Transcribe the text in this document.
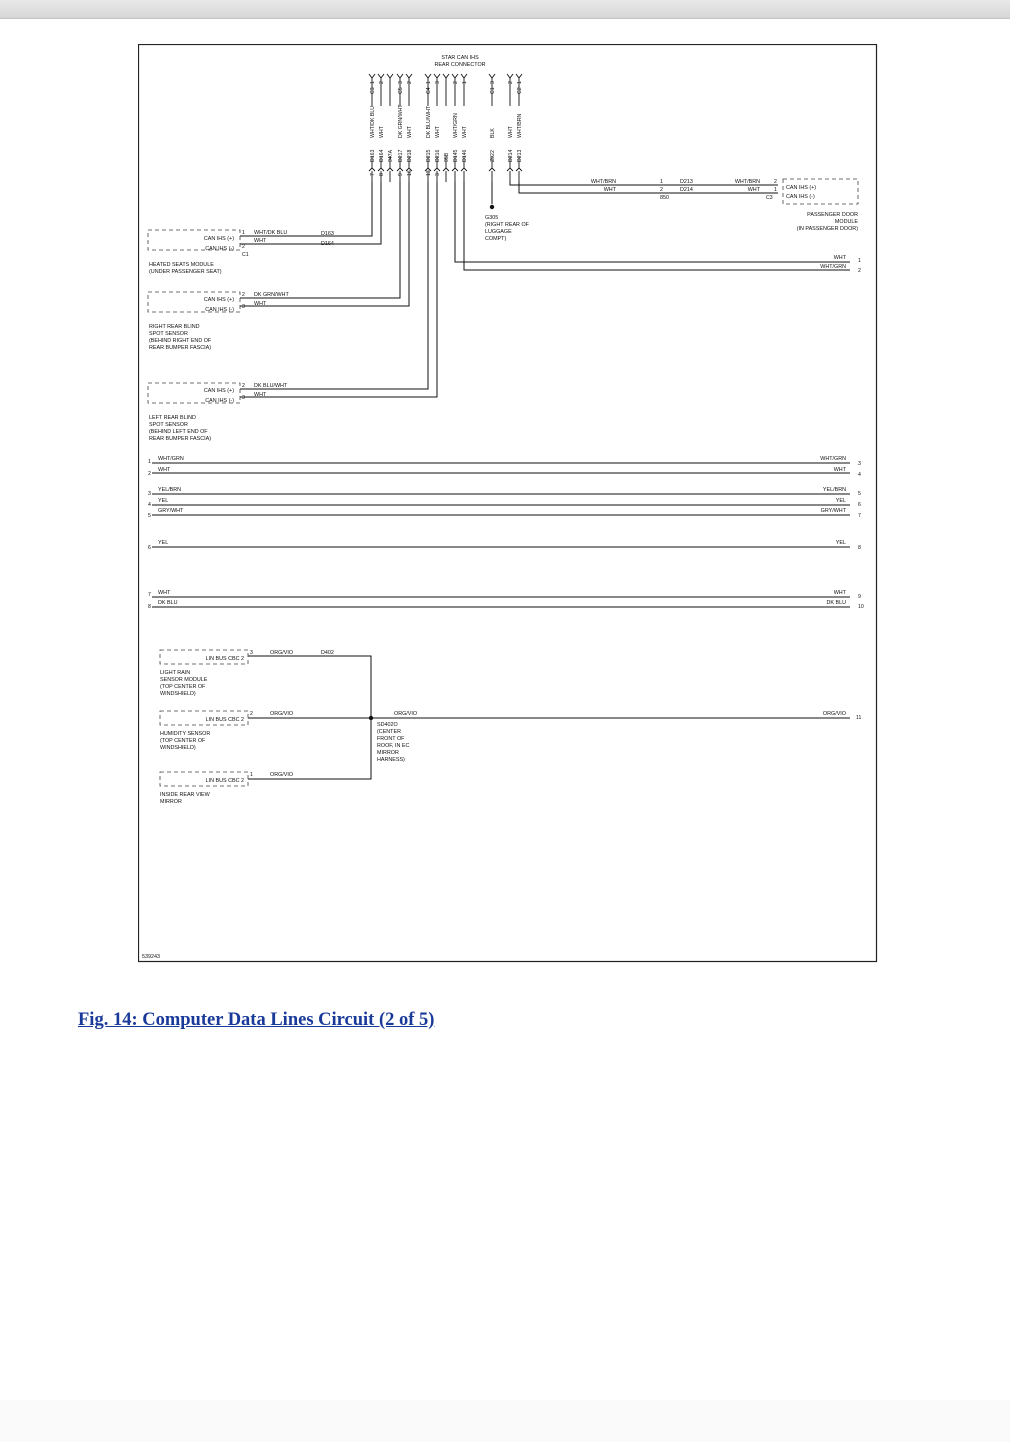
STAR CAN IHS
REAR CONNECTOR
1
C3
WHT/DK BLU
D163
7
2
WHT
D164
8
947A
3
C5
DK GRN/WHT
D217
9
2
WHT
D218
16
1
C4
DK BLU/WHT
D215
13
3
WHT
D216
3
95B
2
WHT/GRN
D145
1
WHT
D146
3
C1
BLK
Z922
2
WHT
D214
1
C2
WHT/BRN
D213
CAN IHS (+)
CAN IHS (-)
1
2
C1
WHT/DK BLU
WHT
D163
D164
HEATED SEATS MODULE
(UNDER PASSENGER SEAT)
CAN IHS (+)
CAN IHS (-)
2
3
DK GRN/WHT
WHT
RIGHT REAR BLIND
SPOT SENSOR
(BEHIND RIGHT END OF
REAR BUMPER FASCIA)
CAN IHS (+)
CAN IHS (-)
2
3
DK BLU/WHT
WHT
LEFT REAR BLIND
SPOT SENSOR
(BEHIND LEFT END OF
REAR BUMPER FASCIA)
G305
(RIGHT REAR OF
LUGGAGE
COMPT)
WHT/BRN
WHT
1
2
D213
D214
850
WHT/BRN
WHT
2
1
C3
CAN IHS (+)
CAN IHS (-)
PASSENGER DOOR
MODULE
(IN PASSENGER DOOR)
WHT 1
WHT/GRN
2
1 WHT/GRN	WHT/GRN
3
2
WHT	WHT
4
3
YEL/BRN	YEL/BRN
5
4
YEL	YEL
6
5
GRY/WHT	GRY/WHT
7
6
YEL	YEL
8
7 WHT	WHT
9
8
DK BLU	DK BLU
10
LIN BUS CBC 2
3	ORG/VIO	D402
LIGHT RAIN
SENSOR MODULE
(TOP CENTER OF
WINDSHIELD)
LIN BUS CBC 2
2	ORG/VIO
HUMIDITY SENSOR
(TOP CENTER OF
WINDSHIELD)
LIN BUS CBC 2
1	ORG/VIO
INSIDE REAR VIEW
MIRROR
ORG/VIO
SD402O
(CENTER
FRONT OF
ROOF, IN EC
MIRROR
HARNESS)
ORG/VIO
11
539243
Fig. 14: Computer Data Lines Circuit (2 of 5)
